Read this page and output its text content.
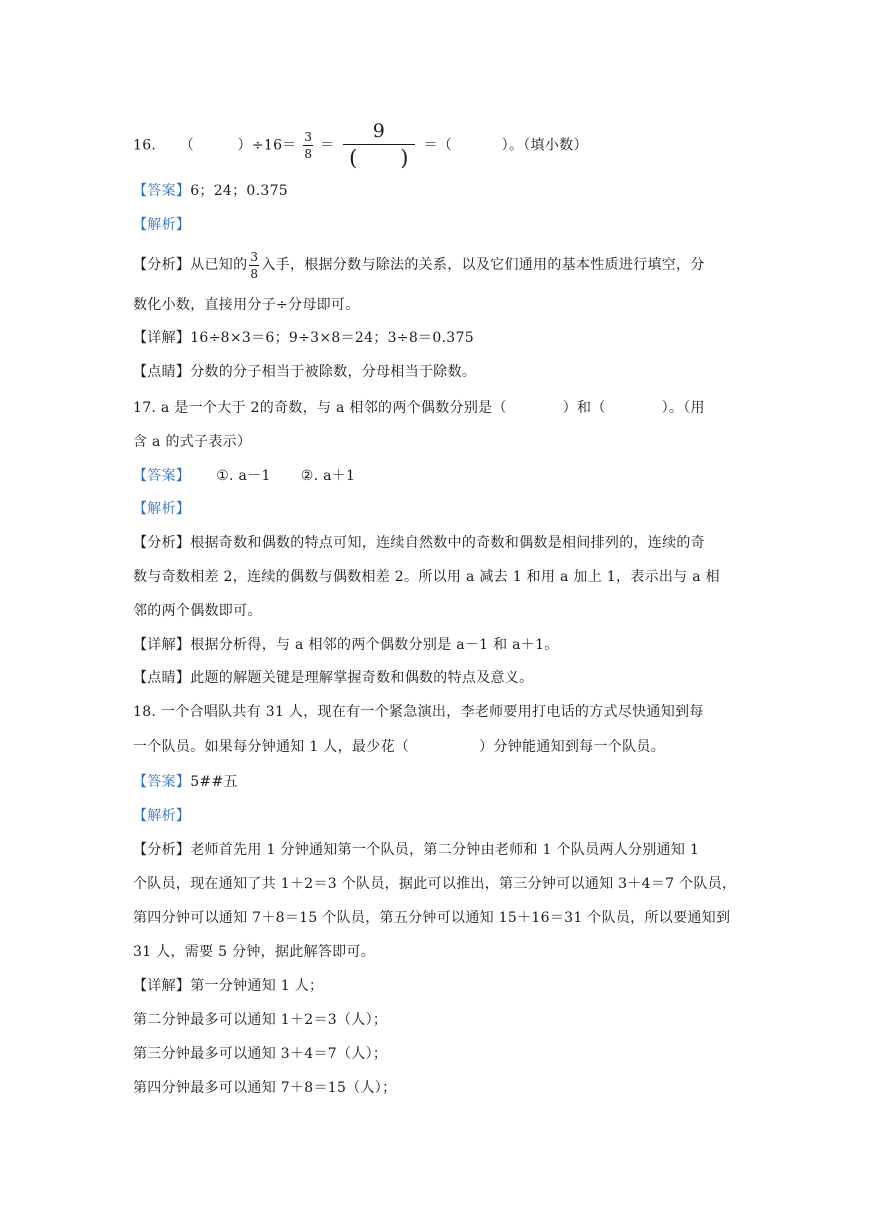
16. （	）$\div 16= \frac{3}{8} = \frac{9}{( )}$ ＝（	）。（填小数）
【答案】6；24；0.375
【解析】
【分析】从已知的 $\frac{3}{8}$ 入手，根据分数与除法的关系，以及它们通用的基本性质进行填空，分
数化小数，直接用分子÷分母即可。
【详解】16÷8×3＝6；9÷3×8＝24；3÷8＝0.375
【点睛】分数的分子相当于被除数，分母相当于除数。
17. a 是一个大于 2的奇数，与 a 相邻的两个偶数分别是（	）和（	）。（用
含 a 的式子表示）
【答案】 ①. a－1 ②. a＋1
【解析】
【分析】根据奇数和偶数的特点可知，连续自然数中的奇数和偶数是相间排列的，连续的奇
数与奇数相差 2，连续的偶数与偶数相差 2。所以用 a 减去 1 和用 a 加上 1，表示出与 a 相
邻的两个偶数即可。
【详解】根据分析得，与 a 相邻的两个偶数分别是 a－1 和 a＋1。
【点睛】此题的解题关键是理解掌握奇数和偶数的特点及意义。
18. 一个合唱队共有 31 人，现在有一个紧急演出，李老师要用打电话的方式尽快通知到每
一个队员。如果每分钟通知 1 人，最少花（	）分钟能通知到每一个队员。
【答案】5##五
【解析】
【分析】老师首先用 1 分钟通知第一个队员，第二分钟由老师和 1 个队员两人分别通知 1
个队员，现在通知了共 1＋2＝3 个队员，据此可以推出，第三分钟可以通知 3＋4＝7 个队员，
第四分钟可以通知 7＋8＝15 个队员，第五分钟可以通知 15＋16＝31 个队员，所以要通知到
31 人，需要 5 分钟，据此解答即可。
【详解】第一分钟通知 1 人；
第二分钟最多可以通知 1＋2＝3（人）；
第三分钟最多可以通知 3＋4＝7（人）；
第四分钟最多可以通知 7＋8＝15（人）；
